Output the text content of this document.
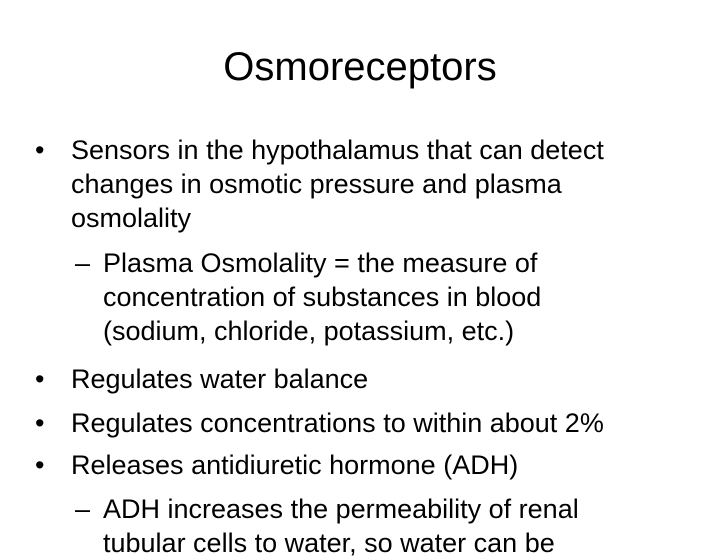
Osmoreceptors
• Sensors in the hypothalamus that can detect
changes in osmotic pressure and plasma
osmolality
– Plasma Osmolality = the measure of
concentration of substances in blood
(sodium, chloride, potassium, etc.)
• Regulates water balance
• Regulates concentrations to within about 2%
• Releases antidiuretic hormone (ADH)
– ADH increases the permeability of renal
tubular cells to water, so water can be
